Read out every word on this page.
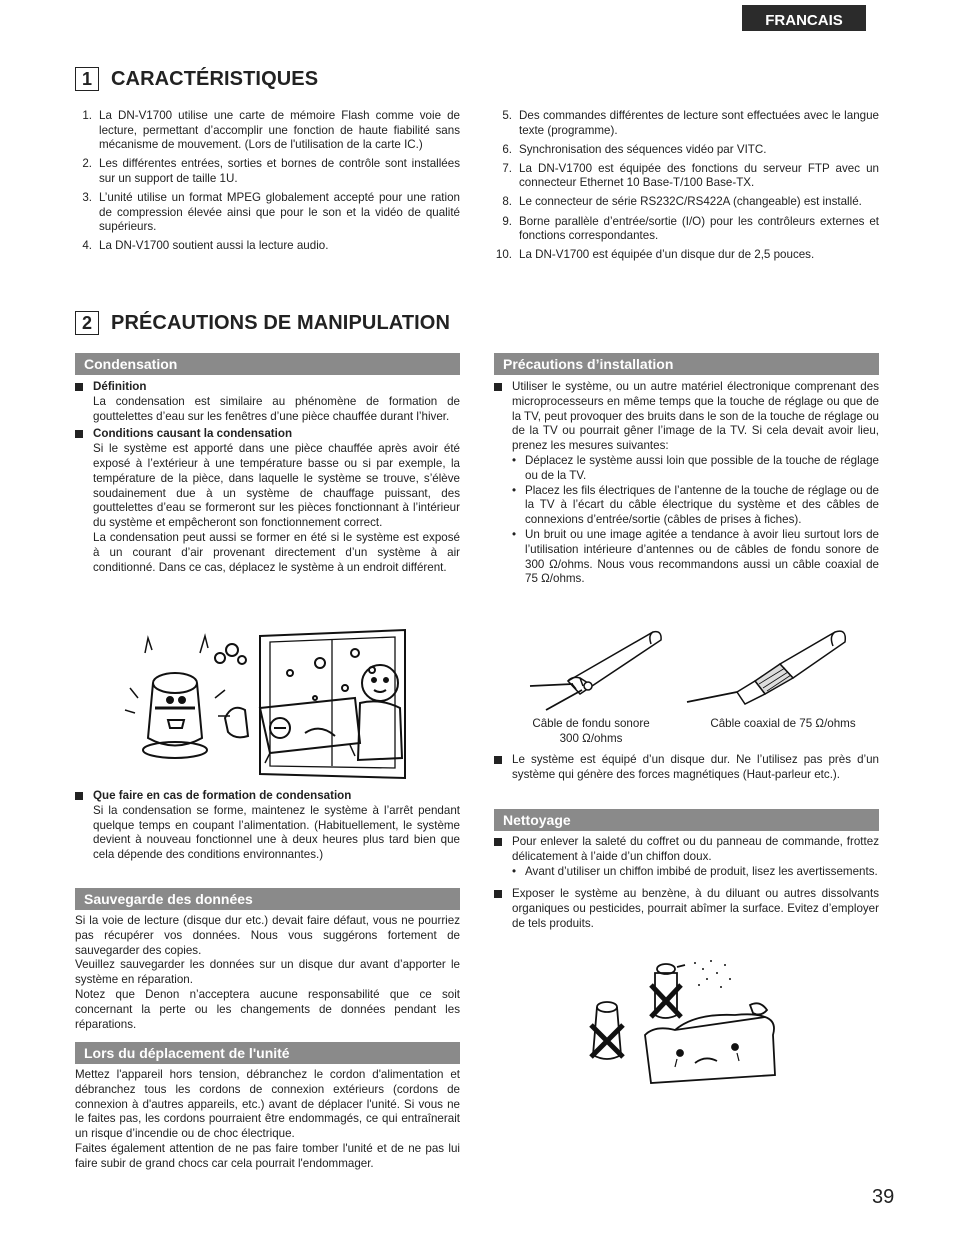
FRANCAIS
1 CARACTÉRISTIQUES
1. La DN-V1700 utilise une carte de mémoire Flash comme voie de lecture, permettant d’accomplir une fonction de haute fiabilité sans mécanisme de mouvement. (Lors de l'utilisation de la carte IC.)
2. Les différentes entrées, sorties et bornes de contrôle sont installées sur un support de taille 1U.
3. L’unité utilise un format MPEG globalement accepté pour une ration de compression élevée ainsi que pour le son et la vidéo de qualité supérieurs.
4. La DN-V1700 soutient aussi la lecture audio.
5. Des commandes différentes de lecture sont effectuées avec le langue texte (programme).
6. Synchronisation des séquences vidéo par VITC.
7. La DN-V1700 est équipée des fonctions du serveur FTP avec un connecteur Ethernet 10 Base-T/100 Base-TX.
8. Le connecteur de série RS232C/RS422A (changeable) est installé.
9. Borne parallèle d’entrée/sortie (I/O) pour les contrôleurs externes et fonctions correspondantes.
10. La DN-V1700 est équipée d’un disque dur de 2,5 pouces.
2 PRÉCAUTIONS DE MANIPULATION
Condensation

Définition

La condensation est similaire au phénomène de formation de gouttelettes d’eau sur les fenêtres d’une pièce chauffée durant l’hiver.

Conditions causant la condensation

Si le système est apporté dans une pièce chauffée après avoir été exposé à l’extérieur à une température basse ou si par exemple, la température de la pièce, dans laquelle le système se trouve, s’élève soudainement due à un système de chauffage puissant, des gouttelettes d’eau se formeront sur les pièces fonctionnant à l’intérieur du système et empêcheront son fonctionnement correct.

La condensation peut aussi se former en été si le système est exposé à un courant d’air provenant directement d’un système à air conditionné. Dans ce cas, déplacez le système à un endroit différent.

Que faire en cas de formation de condensation

Si la condensation se forme, maintenez le système à l’arrêt pendant quelque temps en coupant l’alimentation. (Habituellement, le système devient à nouveau fonctionnel une à deux heures plus tard bien que cela dépende des conditions environnantes.)

Sauvegarde des données

Si la voie de lecture (disque dur etc.) devait faire défaut, vous ne pourriez pas récupérer vos données. Nous vous suggérons fortement de sauvegarder des copies.

Veuillez sauvegarder les données sur un disque dur avant d’apporter le système en réparation.

Notez que Denon n’acceptera aucune responsabilité que ce soit concernant la perte ou les changements de données pendant les réparations.

Lors du déplacement de l'unité

Mettez l'appareil hors tension, débranchez le cordon d'alimentation et débranchez tous les cordons de connexion extérieurs (cordons de connexion à d'autres appareils, etc.) avant de déplacer l'unité. Si vous ne le faites pas, les cordons pourraient être endommagés, ce qui entraînerait un risque d’incendie ou de choc électrique.

Faites également attention de ne pas faire tomber l'unité et de ne pas lui faire subir de grand chocs car cela pourrait l'endommager.

Précautions d’installation

Utiliser le système, ou un autre matériel électronique comprenant des microprocesseurs en même temps que la touche de réglage ou que de la TV, peut provoquer des bruits dans le son de la touche de réglage ou de la TV ou pourrait gêner l’image de la TV. Si cela devait avoir lieu, prenez les mesures suivantes:

• Déplacez le système aussi loin que possible de la touche de réglage ou de la TV.
• Placez les fils électriques de l’antenne de la touche de réglage ou de la TV à l’écart du câble électrique du système et des câbles de connexions d’entrée/sortie (câbles de prises à fiches).
• Un bruit ou une image agitée a tendance à avoir lieu surtout lors de l’utilisation intérieure d’antennes ou de câbles de fondu sonore de 300 Ω/ohms. Nous vous recommandons aussi un câble coaxial de 75 Ω/ohms.
Câble de fondu sonore
300 Ω/ohms
Câble coaxial de 75 Ω/ohms

Le système est équipé d’un disque dur. Ne l’utilisez pas près d’un système qui génère des forces magnétiques (Haut-parleur etc.).

Nettoyage

Pour enlever la saleté du coffret ou du panneau de commande, frottez délicatement à l’aide d’un chiffon doux.

• Avant d’utiliser un chiffon imbibé de produit, lisez les avertissements.

Exposer le système au benzène, à du diluant ou autres dissolvants organiques ou pesticides, pourrait abîmer la surface. Evitez d’employer de tels produits.

39
